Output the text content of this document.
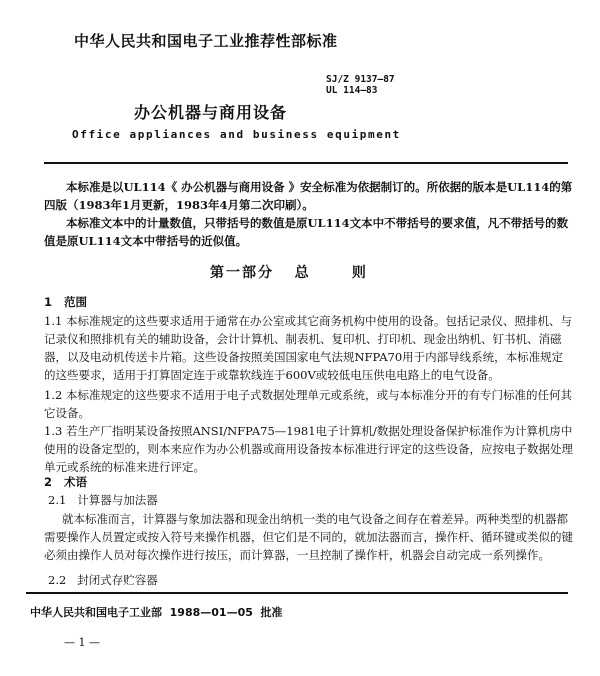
中华人民共和国电子工业推荐性部标准
SJ/Z 9137—87
UL 114—83
办公机器与商用设备
Office appliances and business equipment

本标准是以UL114《 办公机器与商用设备 》安全标准为依据制订的。所依据的版本是UL114的第四版（1983年1月更新，1983年4月第二次印刷）。

本标准文本中的计量数值，只带括号的数值是原UL114文本中不带括号的要求值，凡不带括号的数值是原UL114文本中带括号的近似值。

第一部分   总      则
1   范围

1.1 本标准规定的这些要求适用于通常在办公室或其它商务机构中使用的设备。包括记录仪、照排机、与记录仪和照排机有关的辅助设备，会计计算机、制表机、复印机、打印机、现金出纳机、钉书机、消磁器，以及电动机传送卡片箱。这些设备按照美国国家电气法规NFPA70用于内部导线系统，本标准规定的这些要求，适用于打算固定连于或靠软线连于600V或较低电压供电电路上的电气设备。

1.2 本标准规定的这些要求不适用于电子式数据处理单元或系统，或与本标准分开的有专门标准的任何其它设备。

1.3 若生产厂指明某设备按照ANSI/NFPA75—1981电子计算机/数据处理设备保护标准作为计算机房中使用的设备定型的，则本来应作为办公机器或商用设备按本标准进行评定的这些设备，应按电子数据处理单元或系统的标准来进行评定。

2   术语
2.1   计算器与加法器

就本标准而言，计算器与象加法器和现金出纳机一类的电气设备之间存在着差异。两种类型的机器都需要操作人员置定或按入符号来操作机器，但它们是不同的，就加法器而言，操作杆、循环键或类似的键必须由操作人员对每次操作进行按压，而计算器，一旦控制了操作杆，机器会自动完成一系列操作。

2.2   封闭式存贮容器
中华人民共和国电子工业部  1988—01—05  批准
— 1 —
